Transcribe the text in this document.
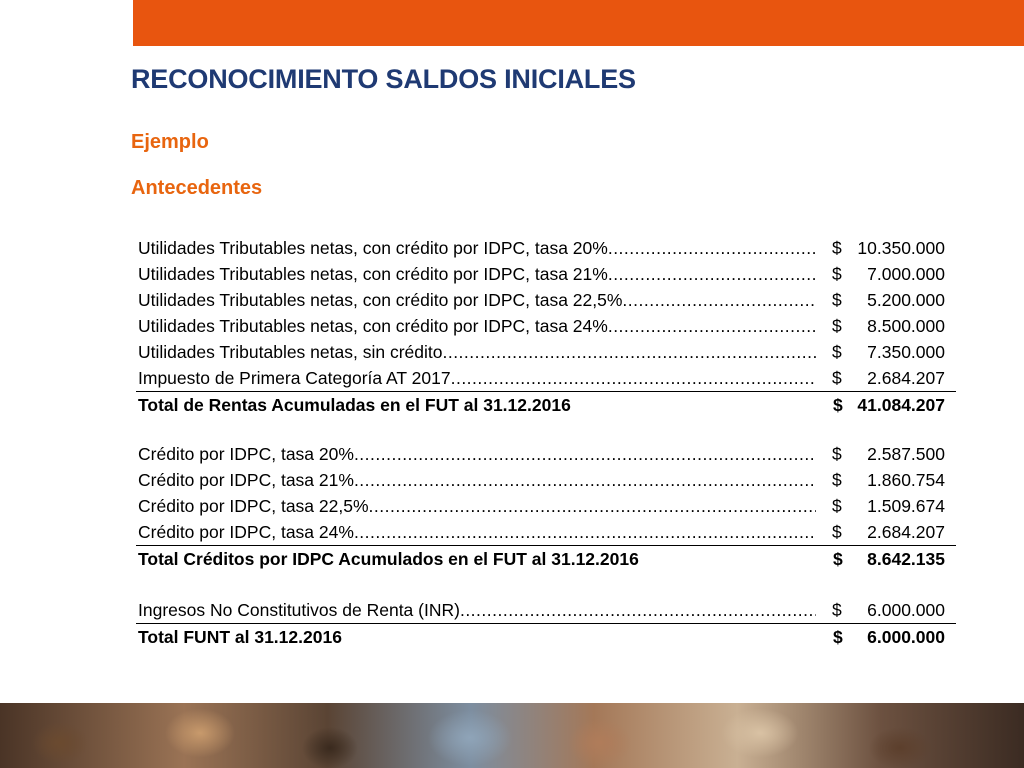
RECONOCIMIENTO SALDOS INICIALES
Ejemplo
Antecedentes
Utilidades Tributables netas, con crédito por IDPC, tasa 20% .....	$ 10.350.000
Utilidades Tributables netas, con crédito por IDPC, tasa 21% .....	$ 7.000.000
Utilidades Tributables netas, con crédito por IDPC, tasa 22,5% .....	$ 5.200.000
Utilidades Tributables netas, con crédito por IDPC, tasa 24% .....	$ 8.500.000
Utilidades Tributables netas, sin crédito .....	$ 7.350.000
Impuesto de Primera Categoría AT 2017 .....	$ 2.684.207
Total de Rentas Acumuladas en el FUT al 31.12.2016	$ 41.084.207
Crédito por IDPC, tasa 20% .....	$ 2.587.500
Crédito por IDPC, tasa 21% .....	$ 1.860.754
Crédito por IDPC, tasa 22,5% .....	$ 1.509.674
Crédito por IDPC, tasa 24% .....	$ 2.684.207
Total Créditos por IDPC Acumulados en el FUT al 31.12.2016	$ 8.642.135
Ingresos No Constitutivos de Renta (INR) .....	$ 6.000.000
Total FUNT al 31.12.2016	$ 6.000.000
